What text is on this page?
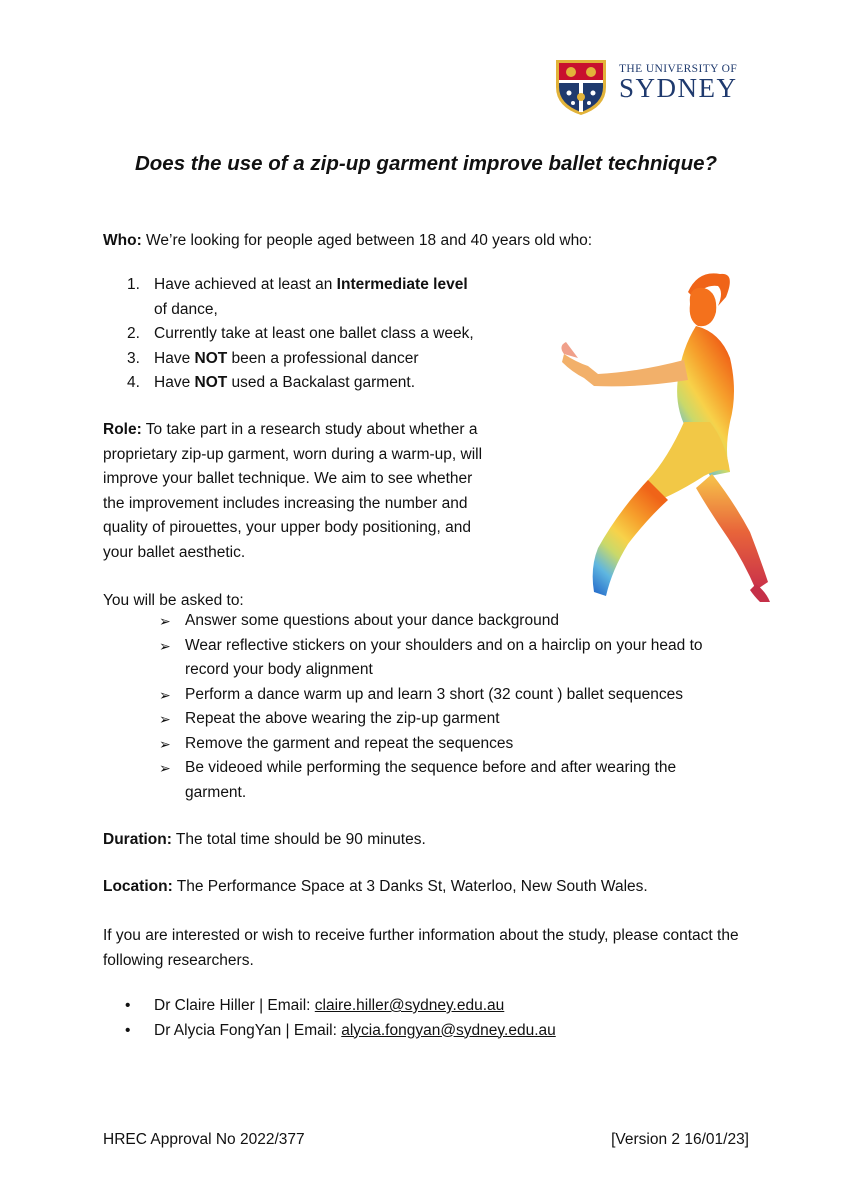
THE UNIVERSITY OF
SYDNEY
Does the use of a zip-up garment improve ballet technique?

Who: We’re looking for people aged between 18 and 40 years old who:

1. Have achieved at least an Intermediate level
of dance,
2. Currently take at least one ballet class a week,
3. Have NOT been a professional dancer
4. Have NOT used a Backalast garment.

Role: To take part in a research study about whether a proprietary zip-up garment, worn during a warm-up, will improve your ballet technique. We aim to see whether the improvement includes increasing the number and quality of pirouettes, your upper body positioning, and your ballet aesthetic.

You will be asked to:

➢ Answer some questions about your dance background
➢ Wear reflective stickers on your shoulders and on a hairclip on your head to record your body alignment
➢ Perform a dance warm up and learn 3 short (32 count ) ballet sequences
➢ Repeat the above wearing the zip-up garment
➢ Remove the garment and repeat the sequences
➢ Be videoed while performing the sequence before and after wearing the garment.

Duration: The total time should be 90 minutes.

Location: The Performance Space at 3 Danks St, Waterloo, New South Wales.

If you are interested or wish to receive further information about the study, please contact the following researchers.

• Dr Claire Hiller | Email: claire.hiller@sydney.edu.au
• Dr Alycia FongYan | Email: alycia.fongyan@sydney.edu.au
HREC Approval No 2022/377	[Version 2 16/01/23]
